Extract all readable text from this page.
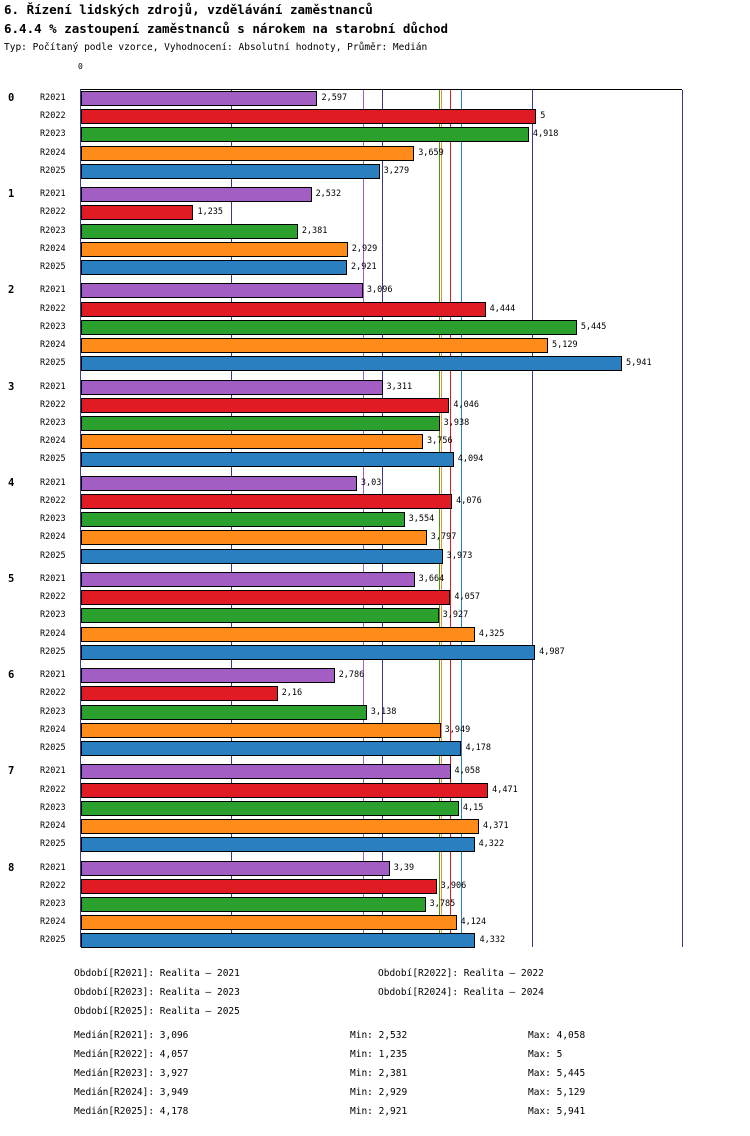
6. Řízení lidských zdrojů, vzdělávání zaměstnanců
6.4.4 % zastoupení zaměstnanců s nárokem na starobní důchod
Typ: Počítaný podle vzorce, Vyhodnocení: Absolutní hodnoty, Průměr: Medián
0
0	R2021	2,597
R2022	5
R2023	4,918
R2024	3,659
R2025	3,279
1	R2021	2,532
R2022	1,235
R2023	2,381
R2024	2,929
R2025	2,921
2	R2021	3,096
R2022	4,444
R2023	5,445
R2024	5,129
R2025	5,941
3	R2021	3,311
R2022	4,046
R2023	3,938
R2024	3,756
R2025	4,094
4	R2021	3,03
R2022	4,076
R2023	3,554
R2024	3,797
R2025	3,973
5	R2021	3,664
R2022	4,057
R2023	3,927
R2024	4,325
R2025	4,987
6	R2021	2,786
R2022	2,16
R2023	3,138
R2024	3,949
R2025	4,178
7	R2021	4,058
R2022	4,471
R2023	4,15
R2024	4,371
R2025	4,322
8	R2021	3,39
R2022	3,906
R2023	3,785
R2024	4,124
R2025	4,332
Období[R2021]: Realita – 2021	Období[R2022]: Realita – 2022
Období[R2023]: Realita – 2023	Období[R2024]: Realita – 2024
Období[R2025]: Realita – 2025
Medián[R2021]: 3,096	Min: 2,532	Max: 4,058
Medián[R2022]: 4,057	Min: 1,235	Max: 5
Medián[R2023]: 3,927	Min: 2,381	Max: 5,445
Medián[R2024]: 3,949	Min: 2,929	Max: 5,129
Medián[R2025]: 4,178	Min: 2,921	Max: 5,941
